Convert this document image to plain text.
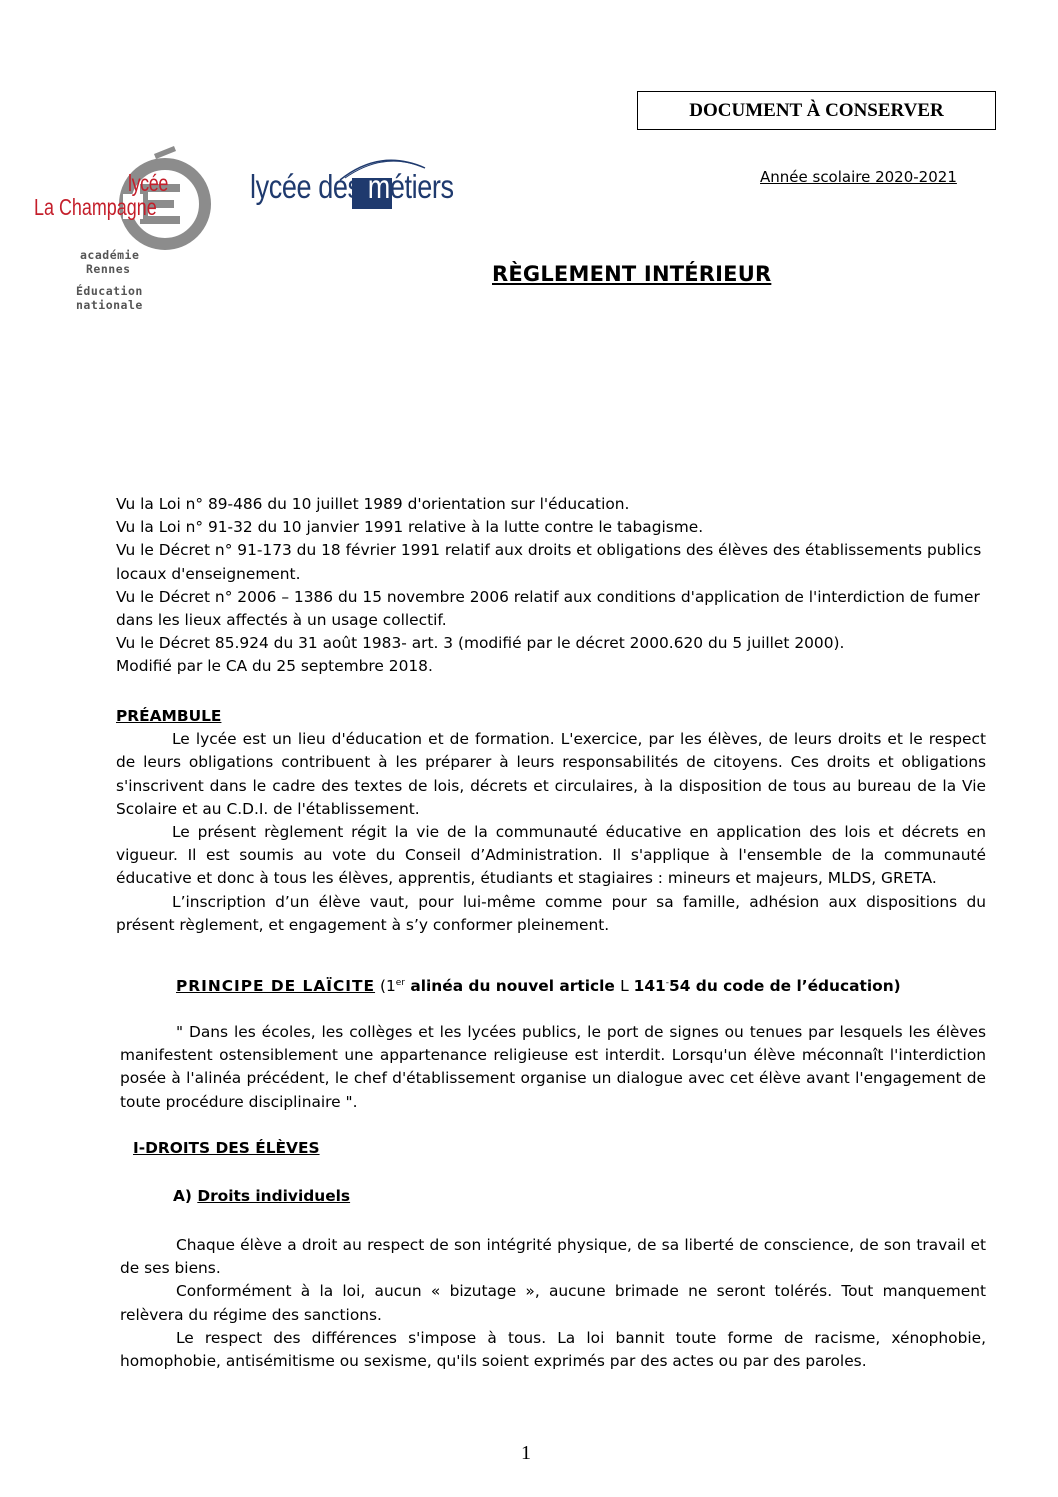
DOCUMENT À CONSERVER
lycée
La Champagne
académie
Rennes
Éducation
nationale
lycée des métiers	Année scolaire 2020-2021
RÈGLEMENT INTÉRIEUR
Vu la Loi n° 89-486 du 10 juillet 1989 d'orientation sur l'éducation.
Vu la Loi n° 91-32 du 10 janvier 1991 relative à la lutte contre le tabagisme.
Vu le Décret n° 91-173 du 18 février 1991 relatif aux droits et obligations des élèves des établissements publics locaux d'enseignement.
Vu le Décret n° 2006 – 1386 du 15 novembre 2006 relatif aux conditions d'application de l'interdiction de fumer dans les lieux affectés à un usage collectif.
Vu le Décret 85.924 du 31 août 1983- art. 3 (modifié par le décret 2000.620 du 5 juillet 2000).
Modifié par le CA du 25 septembre 2018.
PRÉAMBULE
Le lycée est un lieu d'éducation et de formation. L'exercice, par les élèves, de leurs droits et le respect de leurs obligations contribuent à les préparer à leurs responsabilités de citoyens. Ces droits et obligations s'inscrivent dans le cadre des textes de lois, décrets et circulaires, à la disposition de tous au bureau de la Vie Scolaire et au C.D.I. de l'établissement.
Le présent règlement régit la vie de la communauté éducative en application des lois et décrets en vigueur. Il est soumis au vote du Conseil d’Administration. Il s'applique à l'ensemble de la communauté éducative et donc à tous les élèves, apprentis, étudiants et stagiaires : mineurs et majeurs, MLDS, GRETA.
L’inscription d’un élève vaut, pour lui-même comme pour sa famille, adhésion aux dispositions du présent règlement, et engagement à s’y conformer pleinement.
PRINCIPE DE LAÏCITE (1er alinéa du nouvel article L 141-54 du code de l’éducation)
" Dans les écoles, les collèges et les lycées publics, le port de signes ou tenues par lesquels les élèves manifestent ostensiblement une appartenance religieuse est interdit. Lorsqu'un élève méconnaît l'interdiction posée à l'alinéa précédent, le chef d'établissement organise un dialogue avec cet élève avant l'engagement de toute procédure disciplinaire ".
I-DROITS DES ÉLÈVES
A) Droits individuels
Chaque élève a droit au respect de son intégrité physique, de sa liberté de conscience, de son travail et de ses biens.
Conformément à la loi, aucun « bizutage », aucune brimade ne seront tolérés. Tout manquement relèvera du régime des sanctions.
Le respect des différences s'impose à tous. La loi bannit toute forme de racisme, xénophobie, homophobie, antisémitisme ou sexisme, qu'ils soient exprimés par des actes ou par des paroles.
1
